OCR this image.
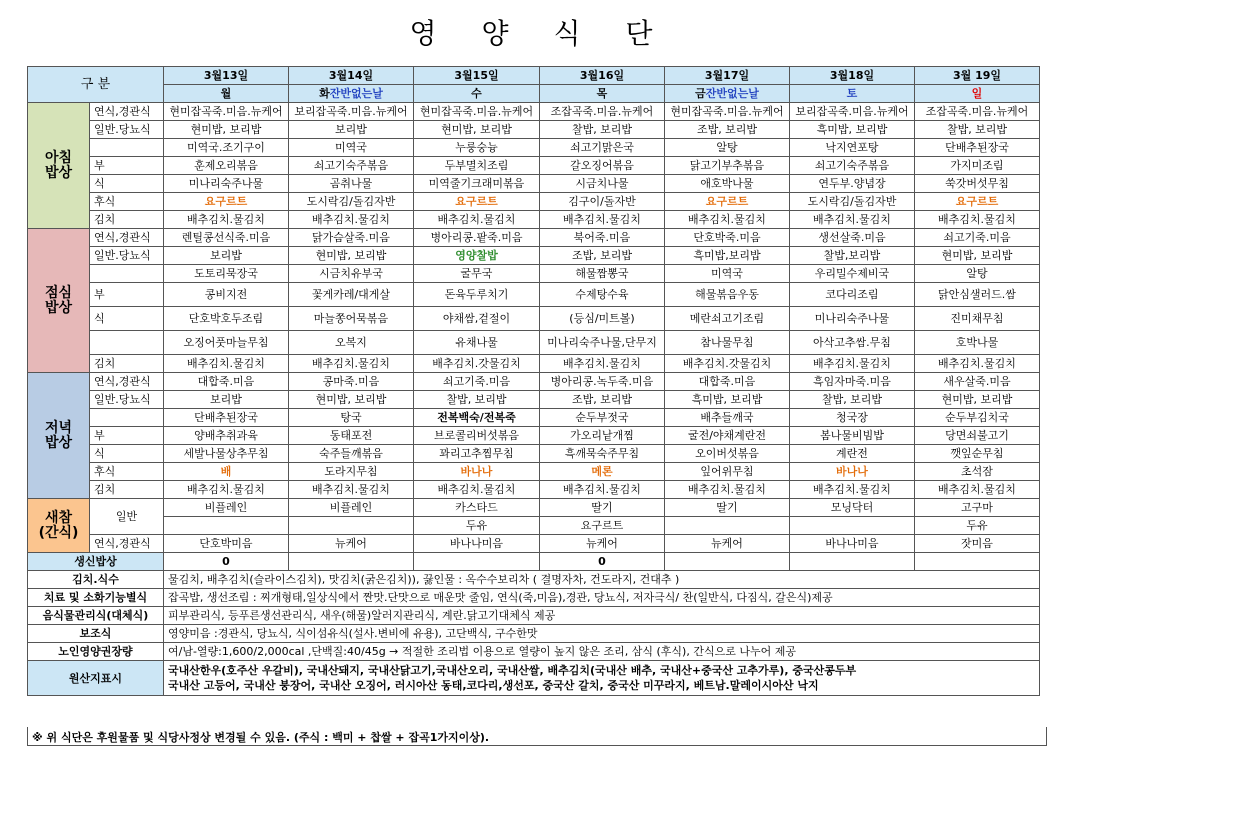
영 양 식 단
구 분		3월13일	3월14일	3월15일	3월16일	3월17일	3월18일	3월 19일
		월	화잔반없는날	수	목	금잔반없는날	토	일
아침
밥상	연식,경관식	현미잡곡죽.미음.뉴케어	보리잡곡죽.미음.뉴케어	현미잡곡죽.미음.뉴케어	조잡곡죽.미음.뉴케어	현미잡곡죽.미음.뉴케어	보리잡곡죽.미음.뉴케어	조잡곡죽.미음.뉴케어
	일반.당뇨식	현미밥, 보리밥	보리밥	현미밥, 보리밥	찰밥, 보리밥	조밥, 보리밥	흑미밥, 보리밥	찰밥, 보리밥
		미역국.조기구이	미역국	누룽숭늉	쇠고기맑은국	알탕	낙지연포탕	단배추된장국
	부	훈제오리볶음	쇠고기숙주볶음	두부멸치조림	갈오징어볶음	닭고기부추볶음	쇠고기숙주볶음	가지미조림
	식	미나리숙주나물	곰취나물	미역줄기크래미볶음	시금치나물	애호박나물	연두부.양념장	쑥갓버섯무침
	후식	요구르트	도시락김/돌김자반	요구르트	김구이/돌자반	요구르트	도시락김/돌김자반	요구르트
	김치	배추김치.물김치	배추김치.물김치	배추김치.물김치	배추김치.물김치	배추김치.물김치	배추김치.물김치	배추김치.물김치
점심
밥상	연식,경관식	렌틸콩선식죽.미음	닭가슴살죽.미음	병아리콩.팥죽.미음	북어죽.미음	단호박죽.미음	생선살죽.미음	쇠고기죽.미음
	일반.당뇨식	보리밥	현미밥, 보리밥	영양찰밥	조밥, 보리밥	흑미밥,보리밥	찰밥,보리밥	현미밥, 보리밥
		도토리묵장국	시금치유부국	굴무국	해물짬뽕국	미역국	우리밀수제비국	알탕
	부	콩비지전	꽃게카레/대게살	돈육두루치기	수제탕수육	해물볶음우동	코다리조림	닭안심샐러드.쌈
	식	단호박호두조림	마늘쫑어묵볶음	야채쌈,겉절이	(등심/미트볼)	메란쇠고기조림	미나리숙주나물	진미채무침
		오징어풋마늘무침	오복지	유채나물	미나리숙주나물,단무지	참나물무침	아삭고추쌈.무침	호박나물
	김치	배추김치.물김치	배추김치.물김치	배추김치.갓물김치	배추김치.물김치	배추김치.갓물김치	배추김치.물김치	배추김치.물김치
저녁
밥상	연식,경관식	대합죽.미음	콩마죽.미음	쇠고기죽.미음	병아리콩.녹두죽.미음	대합죽.미음	흑임자마죽.미음	새우살죽.미음
	일반.당뇨식	보리밥	현미밥, 보리밥	찰밥, 보리밥	조밥, 보리밥	흑미밥, 보리밥	찰밥, 보리밥	현미밥, 보리밥
		단배추된장국	탕국	전복백숙/전복죽	순두부젓국	배추들깨국	청국장	순두부김치국
	부	양배추취과육	동태포전	브로콜리버섯볶음	가오리낱개찜	굴전/야채계란전	봄나물비빔밥	당면쇠불고기
	식	세발나물상추무침	숙주들깨볶음	꽈리고추찜무침	흑깨묵숙주무침	오이버섯볶음	계란전	깻잎순무침
	후식	배	도라지무침	바나나	메론	잎어위무침	바나나	초석잠
	김치	배추김치.물김치	배추김치.물김치	배추김치.물김치	배추김치.물김치	배추김치.물김치	배추김치.물김치	배추김치.물김치
새참
(간식)	일반	비플레인	비플레인	카스타드	딸기	딸기	모닝닥터	고구마
				두유	요구르트			두유
	연식,경관식	단호박미음	뉴케어	바나나미음	뉴케어	뉴케어	바나나미음	잣미음
생신밥상		0			0			
김치.식수		물김치, 배추김치(슬라이스김치), 맛김치(굵은김치)), 끓인물 : 옥수수보리차 ( 결명자차, 건도라지, 건대추 )						
치료 및 소화기능별식		잡곡밥, 생선조림 : 찌개형태,일상식에서 짠맛.단맛으로 매운맛 줄임, 연식(죽,미음),경관, 당뇨식, 저자극식/ 찬(일반식, 다짐식, 갈은식)제공						
음식물관리식(대체식)		피부관리식, 등푸른생선관리식, 새우(해물)알러지관리식, 계란.닭고기대체식 제공						
보조식		영양미음 :경관식, 당뇨식, 식이섬유식(설사.변비에 유용), 고단백식, 구수한맛						
노인영양권장량		여/남-열량:1,600/2,000cal ,단백질:40/45g → 적절한 조리법 이용으로 열량이 높지 않은 조리, 삼식 (후식), 간식으로 나누어 제공						
원산지표시		국내산한우(호주산 우갈비), 국내산돼지, 국내산닭고기,국내산오리, 국내산쌀, 배추김치(국내산 배추, 국내산+중국산 고추가루), 중국산콩두부
국내산 고등어, 국내산 붕장어, 국내산 오징어, 러시아산 동태,코다리,생선포, 중국산 갈치, 중국산 미꾸라지, 베트남.말레이시아산 낙지						
※ 위 식단은 후원물품 및 식당사정상 변경될 수 있음. (주식 : 백미 + 찹쌀 + 잡곡1가지이상).
